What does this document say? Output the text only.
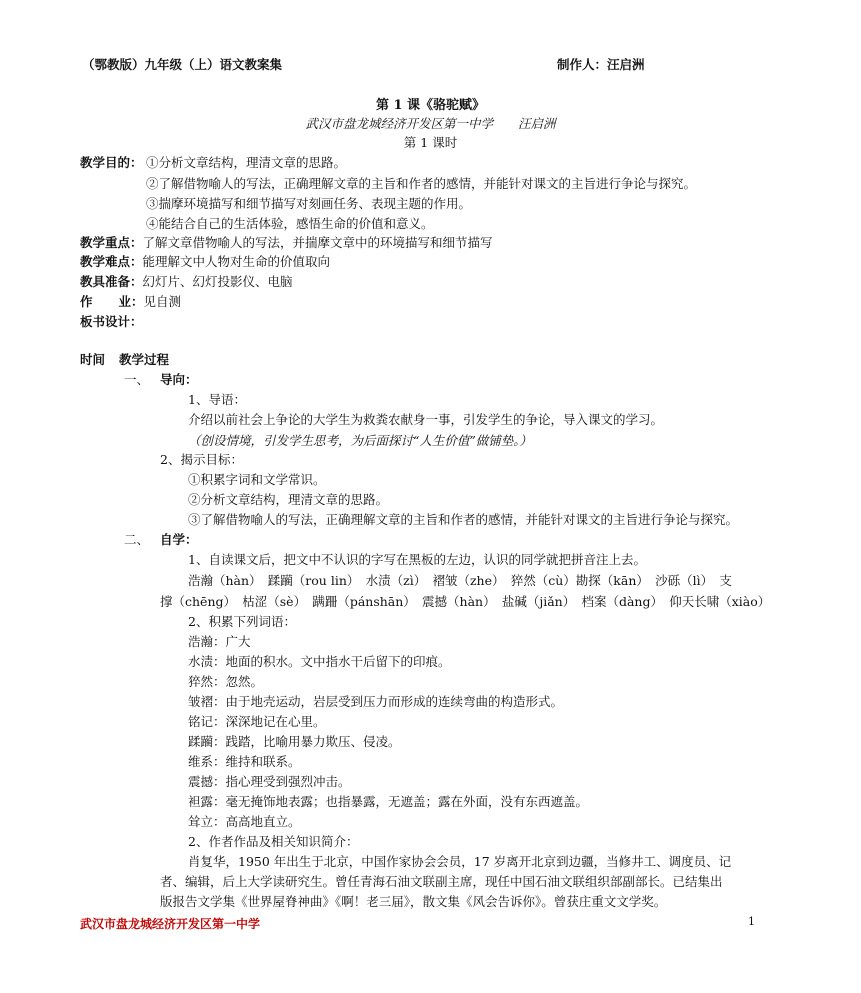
（鄂教版）九年级（上）语文教案集	制作人：汪启洲
第 1 课《骆驼赋》
武汉市盘龙城经济开发区第一中学　　汪启洲
第 1 课时
教学目的： ①分析文章结构，理清文章的思路。
②了解借物喻人的写法，正确理解文章的主旨和作者的感情，并能针对课文的主旨进行争论与探究。
③揣摩环境描写和细节描写对刻画任务、表现主题的作用。
④能结合自己的生活体验，感悟生命的价值和意义。
教学重点：了解文章借物喻人的写法，并揣摩文章中的环境描写和细节描写
教学难点：能理解文中人物对生命的价值取向
教具准备：幻灯片、幻灯投影仪、电脑
作 业：见自测
板书设计：
时间 教学过程
一、 导向：
1、导语：
介绍以前社会上争论的大学生为救粪农献身一事，引发学生的争论，导入课文的学习。
（创设情境，引发学生思考，为后面探讨“人生价值”做铺垫。）
2、揭示目标：
①积累字词和文学常识。
②分析文章结构，理清文章的思路。
③了解借物喻人的写法，正确理解文章的主旨和作者的感情，并能针对课文的主旨进行争论与探究。
二、 自学：
1、自读课文后，把文中不认识的字写在黑板的左边，认识的同学就把拼音注上去。
浩瀚（hàn）　蹂躏（rou lin）　水渍（zì）　褶皱（zhe）　猝然（cù）勘探（kān）　沙砾（lì）　支
撑（chēng）　枯涩（sè）　蹒跚（pánshān）　震撼（hàn）　盐碱（jiǎn）　档案（dàng）　仰天长啸（xiào）
2、积累下列词语：
浩瀚：广大
水渍：地面的积水。文中指水干后留下的印痕。
猝然：忽然。
皱褶：由于地壳运动，岩层受到压力而形成的连续弯曲的构造形式。
铭记：深深地记在心里。
蹂躏：践踏，比喻用暴力欺压、侵凌。
维系：维持和联系。
震撼：指心理受到强烈冲击。
袒露：毫无掩饰地表露；也指暴露，无遮盖；露在外面，没有东西遮盖。
耸立：高高地直立。
2、作者作品及相关知识简介：
肖复华，1950 年出生于北京，中国作家协会会员，17 岁离开北京到边疆，当修井工、调度员、记
者、编辑，后上大学读研究生。曾任青海石油文联副主席，现任中国石油文联组织部副部长。已结集出
版报告文学集《世界屋脊神曲》《啊！老三届》，散文集《风会告诉你》。曾获庄重文文学奖。
武汉市盘龙城经济开发区第一中学	1
